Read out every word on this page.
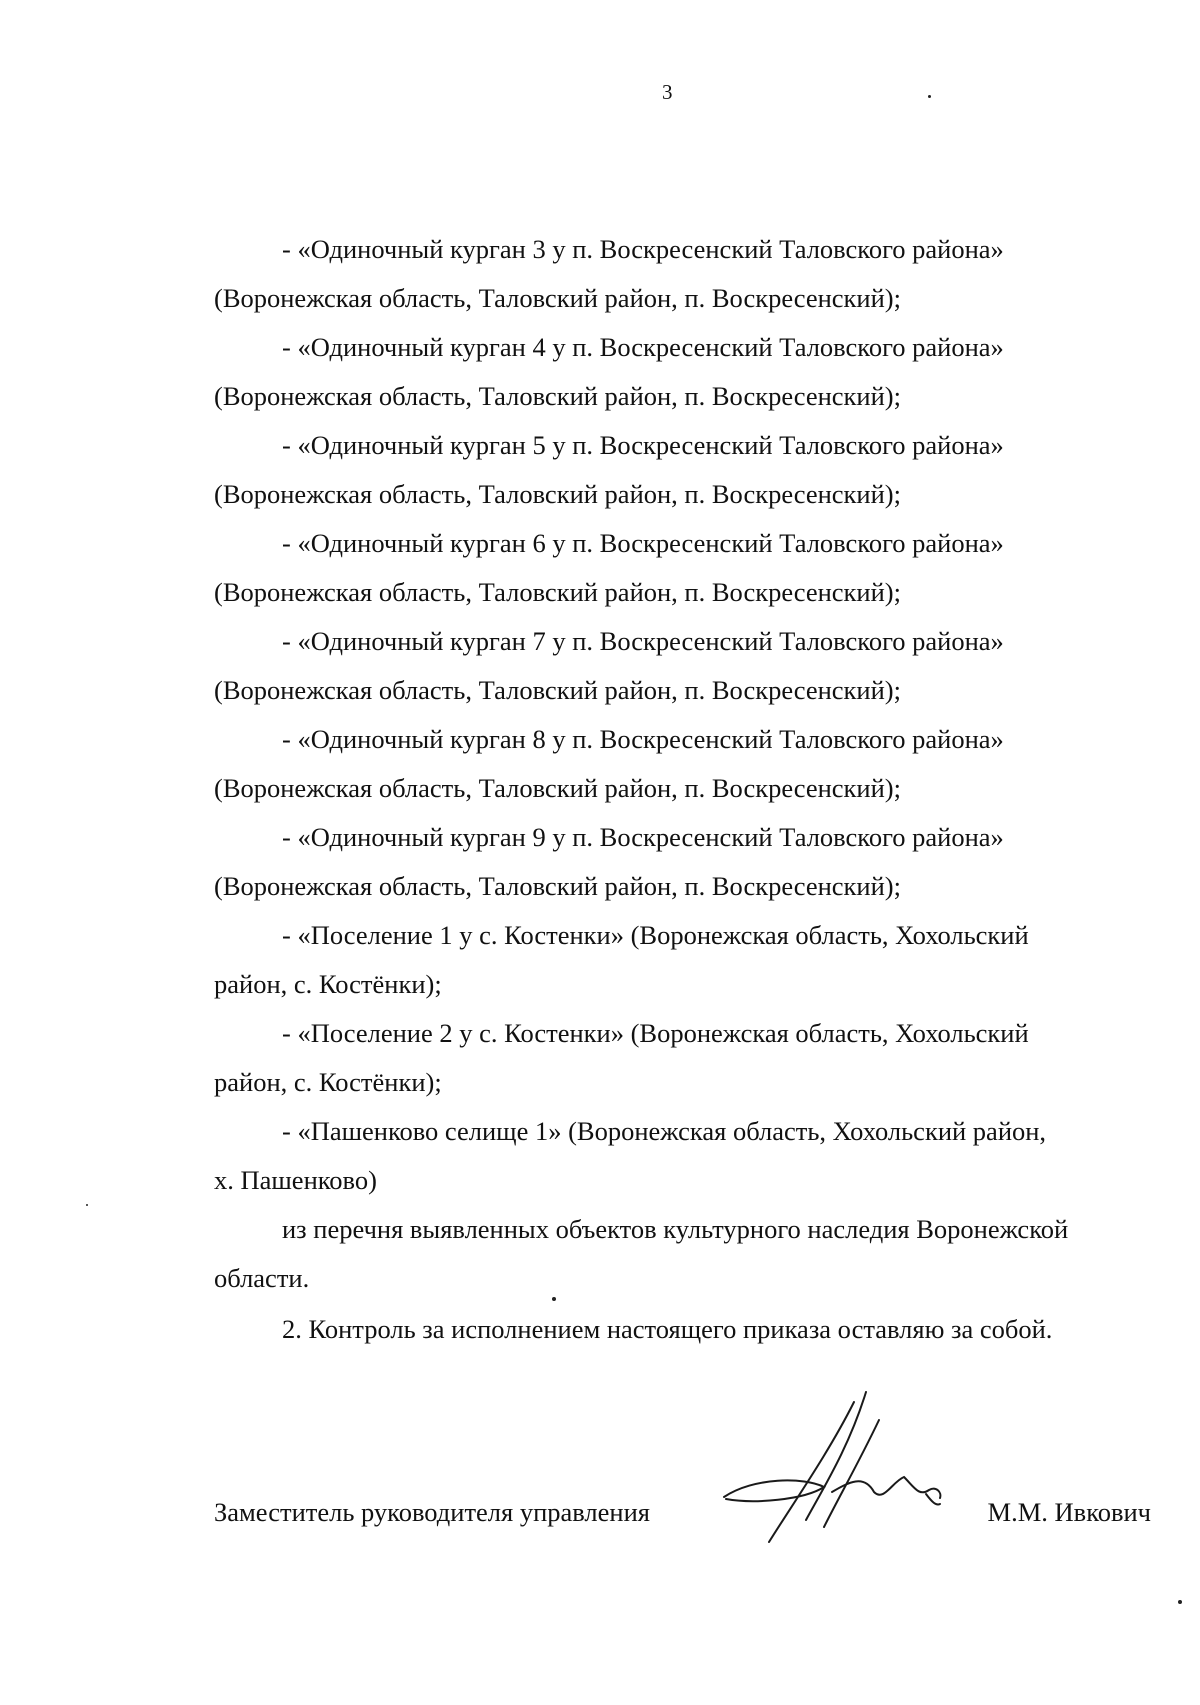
3

- «Одиночный курган 3 у п. Воскресенский Таловского района»

(Воронежская область, Таловский район, п. Воскресенский);

- «Одиночный курган 4 у п. Воскресенский Таловского района»

(Воронежская область, Таловский район, п. Воскресенский);

- «Одиночный курган 5 у п. Воскресенский Таловского района»

(Воронежская область, Таловский район, п. Воскресенский);

- «Одиночный курган 6 у п. Воскресенский Таловского района»

(Воронежская область, Таловский район, п. Воскресенский);

- «Одиночный курган 7 у п. Воскресенский Таловского района»

(Воронежская область, Таловский район, п. Воскресенский);

- «Одиночный курган 8 у п. Воскресенский Таловского района»

(Воронежская область, Таловский район, п. Воскресенский);

- «Одиночный курган 9 у п. Воскресенский Таловского района»

(Воронежская область, Таловский район, п. Воскресенский);

- «Поселение 1 у с. Костенки» (Воронежская область, Хохольский

район, с. Костёнки);

- «Поселение 2 у с. Костенки» (Воронежская область, Хохольский

район, с. Костёнки);

- «Пашенково селище 1» (Воронежская область, Хохольский район,

х. Пашенково)

из перечня выявленных объектов культурного наследия Воронежской

области.

2. Контроль за исполнением настоящего приказа оставляю за собой.

Заместитель руководителя управления	М.М. Ивкович
